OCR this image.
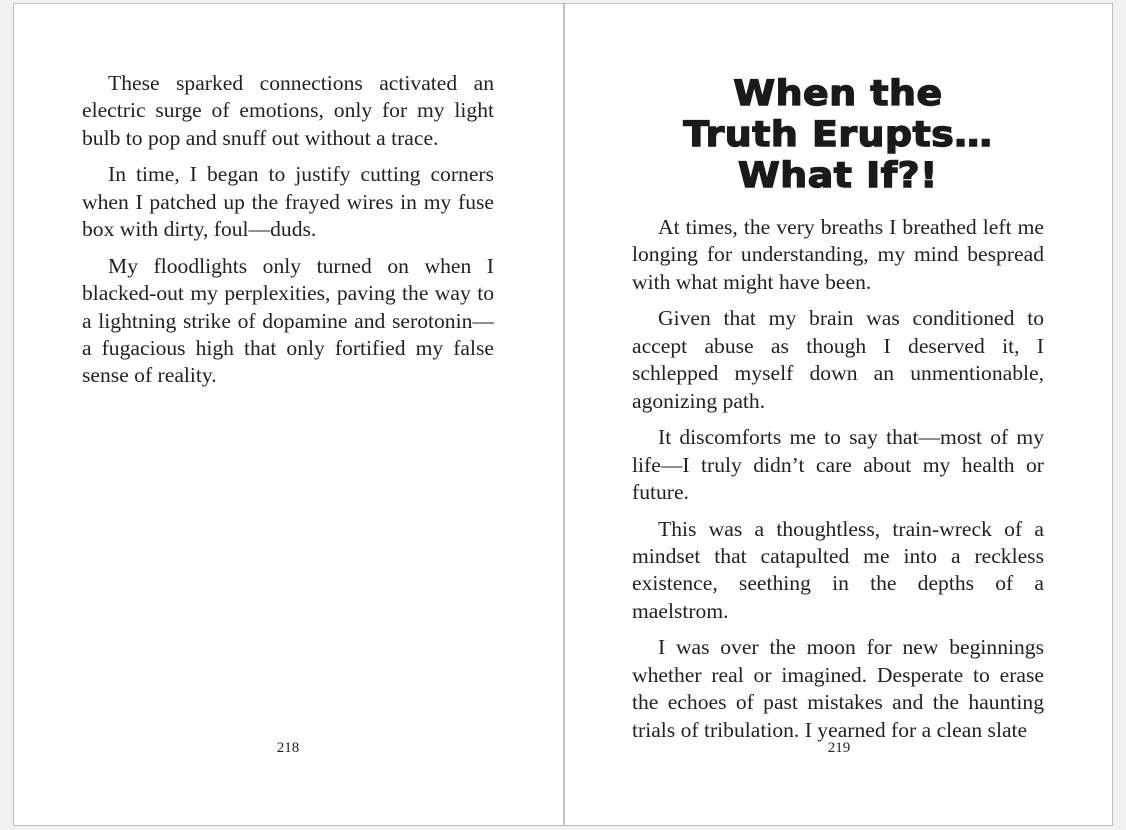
These sparked connections activated an electric surge of emotions, only for my light bulb to pop and snuff out without a trace.

In time, I began to justify cutting corners when I patched up the frayed wires in my fuse box with dirty, foul—duds.

My floodlights only turned on when I blacked-out my perplexities, paving the way to a lightning strike of dopamine and serotonin—a fugacious high that only fortified my false sense of reality.

218
When the
Truth Erupts…
What If?!

At times, the very breaths I breathed left me longing for understanding, my mind bespread with what might have been.

Given that my brain was conditioned to accept abuse as though I deserved it, I schlepped myself down an unmentionable, agonizing path.

It discomforts me to say that—most of my life—I truly didn’t care about my health or future.

This was a thoughtless, train-wreck of a mindset that catapulted me into a reckless existence, seething in the depths of a maelstrom.

I was over the moon for new beginnings whether real or imagined. Desperate to erase the echoes of past mistakes and the haunting trials of tribulation. I yearned for a clean slate

219
